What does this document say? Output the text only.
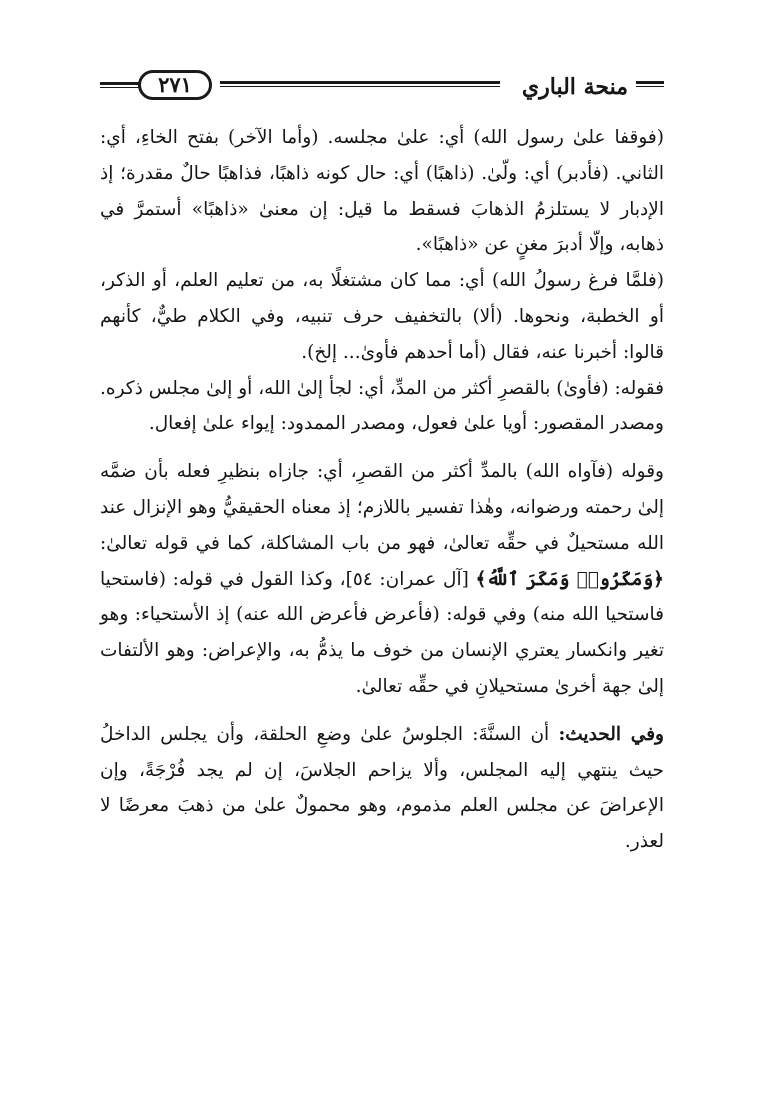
منحة الباري
٢٧١

(فوقفا علىٰ رسول الله) أي: علىٰ مجلسه. (وأما الآخر) بفتح الخاءِ، أي: الثاني. (فأدبر) أي: ولّىٰ. (ذاهبًا) أي: حال كونه ذاهبًا، فذاهبًا حالٌ مقدرة؛ إذ الإدبار لا يستلزمُ الذهابَ فسقط ما قيل: إن معنىٰ «ذاهبًا» أستمرَّ في ذهابه، وإلّا أدبرَ مغنٍ عن «ذاهبًا».

(فلمَّا فرغ رسولُ الله) أي: مما كان مشتغلًا به، من تعليم العلم، أو الذكر، أو الخطبة، ونحوها. (ألا) بالتخفيف حرف تنبيه، وفي الكلام طيٌّ، كأنهم قالوا: أخبرنا عنه، فقال (أما أحدهم فأوىٰ... إلخ).

فقوله: (فأوىٰ) بالقصرِ أكثر من المدِّ، أي: لجأ إلىٰ الله، أو إلىٰ مجلس ذكره. ومصدر المقصور: أويا علىٰ فعول، ومصدر الممدود: إيواء علىٰ إفعال.

وقوله (فآواه الله) بالمدِّ أكثر من القصرِ، أي: جازاه بنظيرِ فعله بأن ضمَّه إلىٰ رحمته ورضوانه، وهٰذا تفسير باللازم؛ إذ معناه الحقيقيُّ وهو الإنزال عند الله مستحيلٌ في حقِّه تعالىٰ، فهو من باب المشاكلة، كما في قوله تعالىٰ: ﴿وَمَكَرُوا۟ وَمَكَرَ ٱللَّهُ﴾ [آل عمران: ٥٤]، وكذا القول في قوله: (فاستحيا فاستحيا الله منه) وفي قوله: (فأعرض فأعرض الله عنه) إذ الأستحياء: وهو تغير وانكسار يعتري الإنسان من خوف ما يذمُّ به، والإعراض: وهو الألتفات إلىٰ جهة أخرىٰ مستحيلانِ في حقِّه تعالىٰ.

وفي الحديث: أن السنَّةَ: الجلوسُ علىٰ وضعِ الحلقة، وأن يجلس الداخلُ حيث ينتهي إليه المجلس، وألا يزاحم الجلاسَ، إن لم يجد فُرْجَةً، وإن الإعراضَ عن مجلس العلم مذموم، وهو محمولٌ علىٰ من ذهبَ معرضًا لا لعذر.
